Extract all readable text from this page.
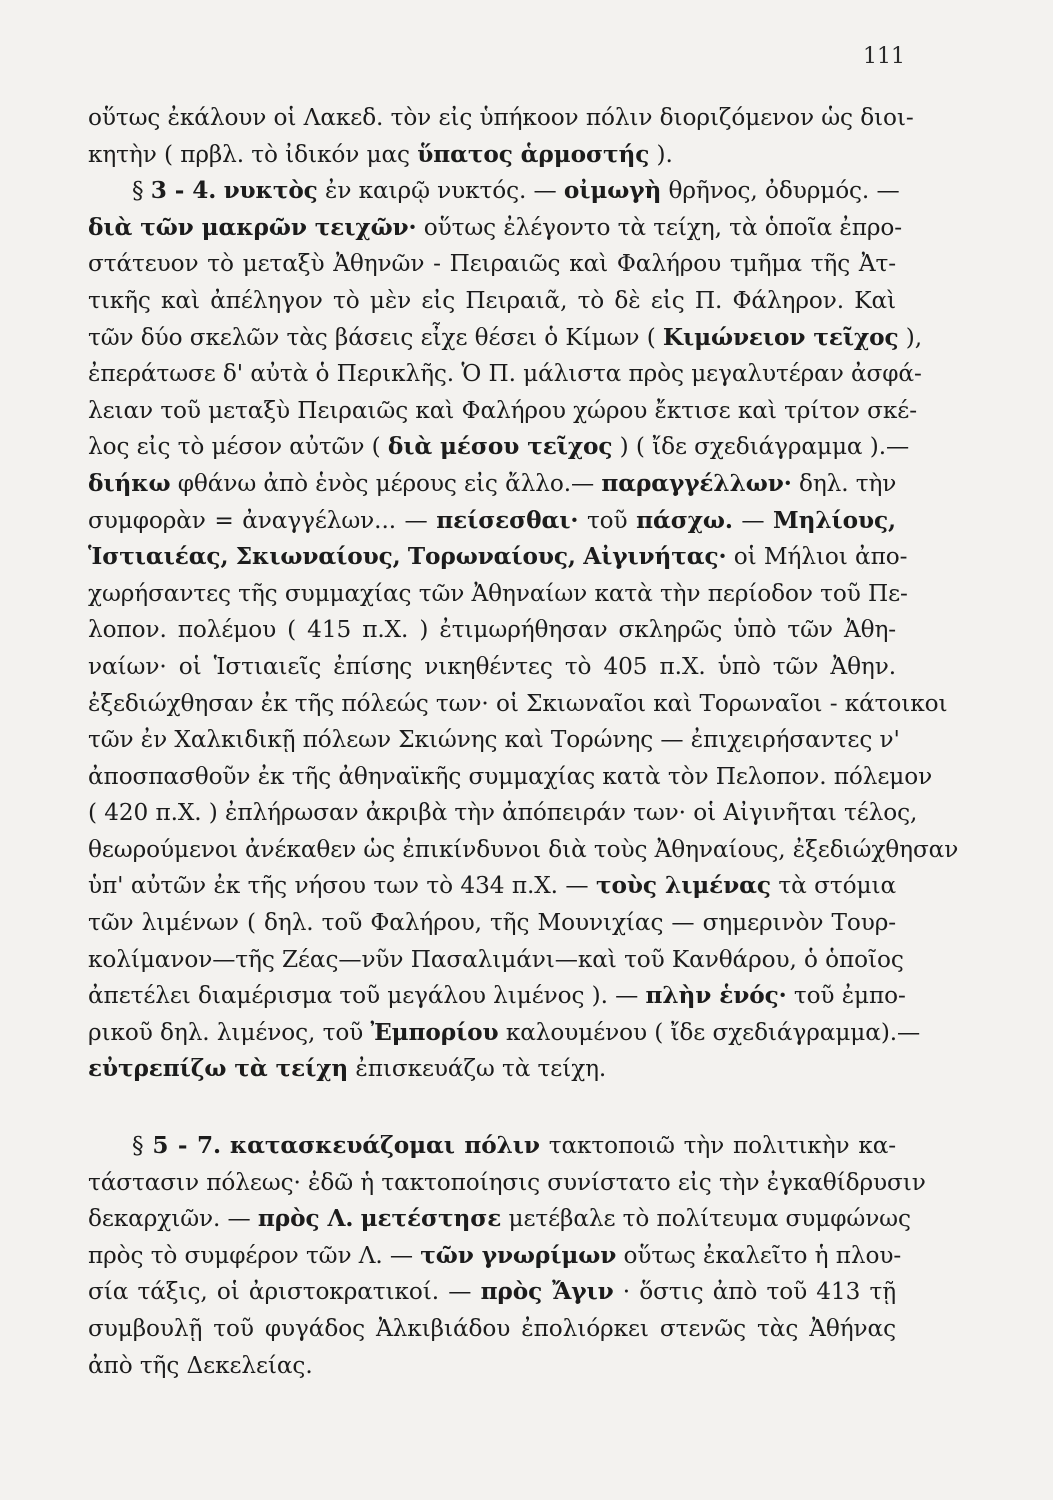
111
οὕτως ἐκάλουν οἱ Λακεδ. τὸν εἰς ὑπήκοον πόλιν διοριζόμενον ὡς διοι-
κητὴν ( πρβλ. τὸ ἰδικόν μας ὕπατος ἁρμοστής ).
§ 3 - 4. νυκτὸς ἐν καιρῷ νυκτός. — οἰμωγὴ θρῆνος, ὀδυρμός. —
διὰ τῶν μακρῶν τειχῶν· οὕτως ἐλέγοντο τὰ τείχη, τὰ ὁποῖα ἐπρο-
στάτευον τὸ μεταξὺ Ἀθηνῶν - Πειραιῶς καὶ Φαλήρου τμῆμα τῆς Ἀτ-
τικῆς καὶ ἀπέληγον τὸ μὲν εἰς Πειραιᾶ, τὸ δὲ εἰς Π. Φάληρον. Καὶ
τῶν δύο σκελῶν τὰς βάσεις εἶχε θέσει ὁ Κίμων ( Κιμώνειον τεῖχος ),
ἐπεράτωσε δ' αὐτὰ ὁ Περικλῆς. Ὁ Π. μάλιστα πρὸς μεγαλυτέραν ἀσφά-
λειαν τοῦ μεταξὺ Πειραιῶς καὶ Φαλήρου χώρου ἔκτισε καὶ τρίτον σκέ-
λος εἰς τὸ μέσον αὐτῶν ( διὰ μέσου τεῖχος ) ( ἴδε σχεδιάγραμμα ).—
διήκω φθάνω ἀπὸ ἑνὸς μέρους εἰς ἄλλο.— παραγγέλλων· δηλ. τὴν
συμφορὰν = ἀναγγέλων... — πείσεσθαι· τοῦ πάσχω. — Μηλίους,
Ἱστιαιέας, Σκιωναίους, Τορωναίους, Αἰγινήτας· οἱ Μήλιοι ἀπο-
χωρήσαντες τῆς συμμαχίας τῶν Ἀθηναίων κατὰ τὴν περίοδον τοῦ Πε-
λοπον. πολέμου ( 415 π.Χ. ) ἐτιμωρήθησαν σκληρῶς ὑπὸ τῶν Ἀθη-
ναίων· οἱ Ἱστιαιεῖς ἐπίσης νικηθέντες τὸ 405 π.Χ. ὑπὸ τῶν Ἀθην.
ἐξεδιώχθησαν ἐκ τῆς πόλεώς των· οἱ Σκιωναῖοι καὶ Τορωναῖοι - κάτοικοι
τῶν ἐν Χαλκιδικῇ πόλεων Σκιώνης καὶ Τορώνης — ἐπιχειρήσαντες ν'
ἀποσπασθοῦν ἐκ τῆς ἀθηναϊκῆς συμμαχίας κατὰ τὸν Πελοπον. πόλεμον
( 420 π.Χ. ) ἐπλήρωσαν ἀκριβὰ τὴν ἀπόπειράν των· οἱ Αἰγινῆται τέλος,
θεωρούμενοι ἀνέκαθεν ὡς ἐπικίνδυνοι διὰ τοὺς Ἀθηναίους, ἐξεδιώχθησαν
ὑπ' αὐτῶν ἐκ τῆς νήσου των τὸ 434 π.Χ. — τοὺς λιμένας τὰ στόμια
τῶν λιμένων ( δηλ. τοῦ Φαλήρου, τῆς Μουνιχίας — σημερινὸν Τουρ-
κολίμανον—τῆς Ζέας—νῦν Πασαλιμάνι—καὶ τοῦ Κανθάρου, ὁ ὁποῖος
ἀπετέλει διαμέρισμα τοῦ μεγάλου λιμένος ). — πλὴν ἑνός· τοῦ ἐμπο-
ρικοῦ δηλ. λιμένος, τοῦ Ἐμπορίου καλουμένου ( ἴδε σχεδιάγραμμα).—
εὐτρεπίζω τὰ τείχη ἐπισκευάζω τὰ τείχη.
§ 5 - 7. κατασκευάζομαι πόλιν τακτοποιῶ τὴν πολιτικὴν κα-
τάστασιν πόλεως· ἐδῶ ἡ τακτοποίησις συνίστατο εἰς τὴν ἐγκαθίδρυσιν
δεκαρχιῶν. — πρὸς Λ. μετέστησε μετέβαλε τὸ πολίτευμα συμφώνως
πρὸς τὸ συμφέρον τῶν Λ. — τῶν γνωρίμων οὕτως ἐκαλεῖτο ἡ πλου-
σία τάξις, οἱ ἀριστοκρατικοί. — πρὸς Ἄγιν · ὅστις ἀπὸ τοῦ 413 τῇ
συμβουλῇ τοῦ φυγάδος Ἀλκιβιάδου ἐπολιόρκει στενῶς τὰς Ἀθήνας
ἀπὸ τῆς Δεκελείας.
